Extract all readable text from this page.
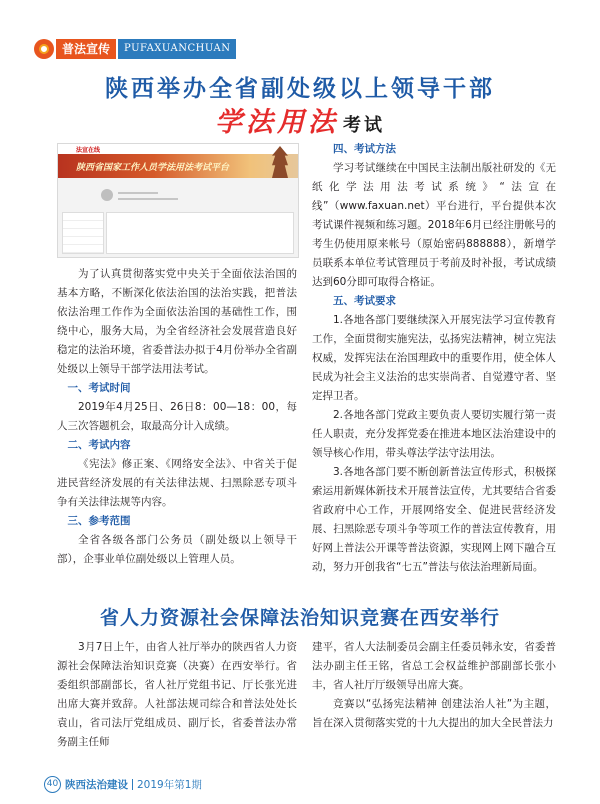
普法宣传	PUFAXUANCHUAN
陕西举办全省副处级以上领导干部
学法用法 考试
法宣在线
陕西省国家工作人员学法用法考试平台

为了认真贯彻落实党中央关于全面依法治国的基本方略，不断深化依法治国的法治实践，把普法依法治理工作作为全面依法治国的基础性工作，围绕中心，服务大局，为全省经济社会发展营造良好稳定的法治环境，省委普法办拟于4月份举办全省副处级以上领导干部学法用法考试。

一、考试时间

2019年4月25日、26日8：00—18：00，每人三次答题机会，取最高分计入成绩。

二、考试内容

《宪法》修正案、《网络安全法》、中省关于促进民营经济发展的有关法律法规、扫黑除恶专项斗争有关法律法规等内容。

三、参考范围

全省各级各部门公务员（副处级以上领导干部），企事业单位副处级以上管理人员。

四、考试方法

学习考试继续在中国民主法制出版社研发的《无纸化学法用法考试系统》“法宣在线”（www.faxuan.net）平台进行，平台提供本次考试课件视频和练习题。2018年6月已经注册帐号的考生仍使用原来帐号（原始密码888888），新增学员联系本单位考试管理员于考前及时补报，考试成绩达到60分即可取得合格证。

五、考试要求

1.各地各部门要继续深入开展宪法学习宣传教育工作，全面贯彻实施宪法，弘扬宪法精神，树立宪法权威，发挥宪法在治国理政中的重要作用，使全体人民成为社会主义法治的忠实崇尚者、自觉遵守者、坚定捍卫者。

2.各地各部门党政主要负责人要切实履行第一责任人职责，充分发挥党委在推进本地区法治建设中的领导核心作用，带头尊法学法守法用法。

3.各地各部门要不断创新普法宣传形式，积极探索运用新媒体新技术开展普法宣传，尤其要结合省委省政府中心工作，开展网络安全、促进民营经济发展、扫黑除恶专项斗争等项工作的普法宣传教育，用好网上普法公开课等普法资源，实现网上网下融合互动，努力开创我省“七五”普法与依法治理新局面。

省人力资源社会保障法治知识竞赛在西安举行

3月7日上午，由省人社厅举办的陕西省人力资源社会保障法治知识竞赛（决赛）在西安举行。省委组织部副部长，省人社厅党组书记、厅长张光进出席大赛并致辞。人社部法规司综合和普法处处长袁山，省司法厅党组成员、副厅长，省委普法办常务副主任师

建平，省人大法制委员会副主任委员韩永安，省委普法办副主任王铭，省总工会权益维护部副部长张小丰，省人社厅厅级领导出席大赛。

竞赛以“弘扬宪法精神 创建法治人社”为主题，旨在深入贯彻落实党的十九大提出的加大全民普法力

40 陕西法治建设 2019年第1期
